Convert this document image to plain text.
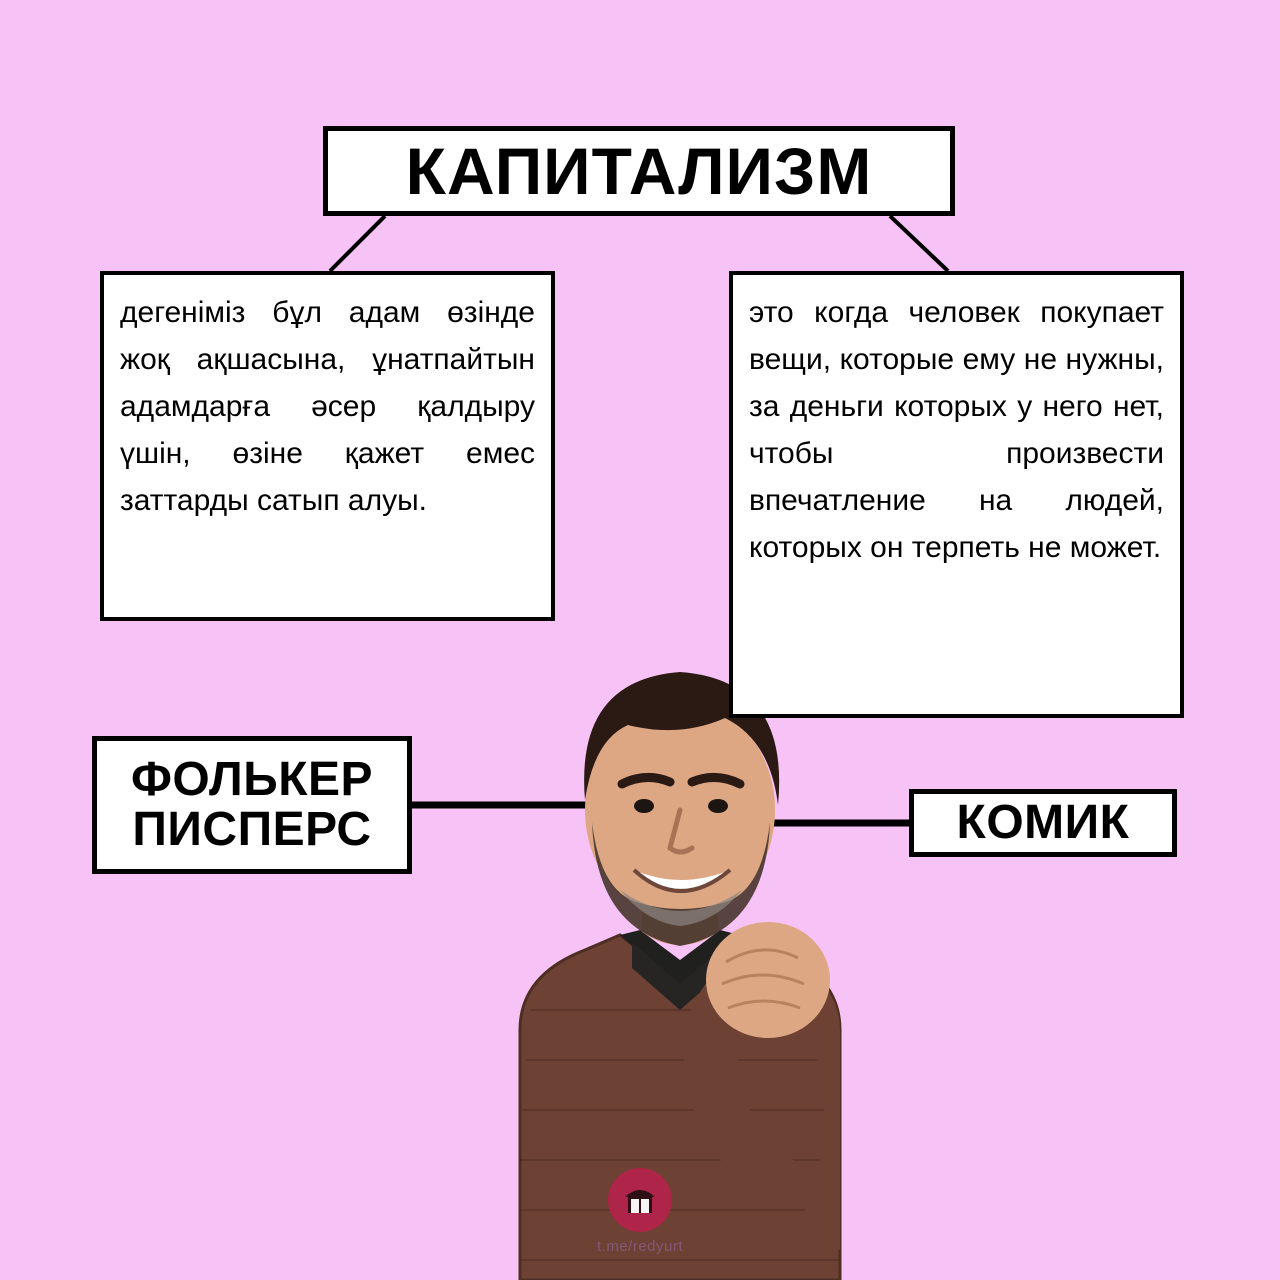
КАПИТАЛИЗМ
дегеніміз бұл адам өзінде жоқ ақшасына, ұнатпайтын адамдарға әсер қалдыру үшін, өзіне қажет емес заттарды сатып алуы.
это когда человек покупает вещи, которые ему не нужны, за деньги которых у него нет, чтобы произвести впечатление на людей, которых он терпеть не может.
ФОЛЬКЕР
ПИСПЕРС	КОМИК
t.me/redyurt
